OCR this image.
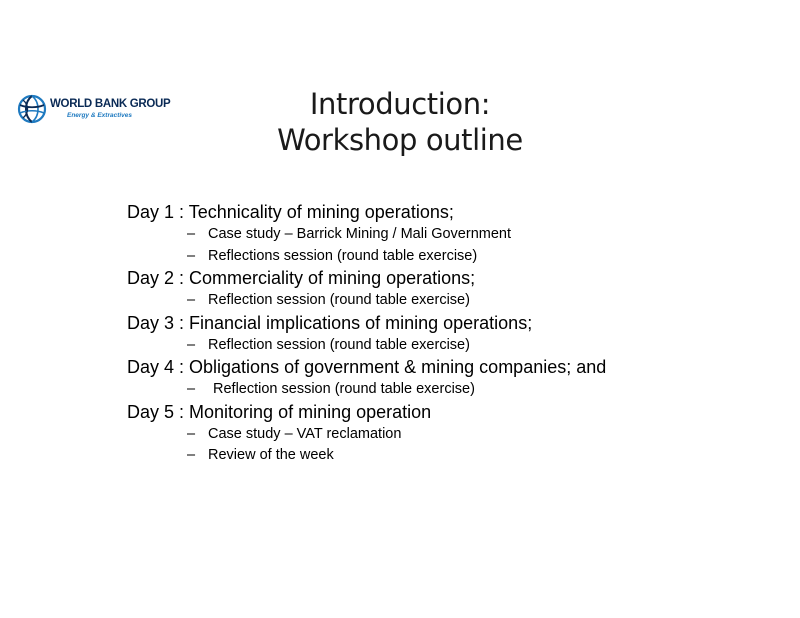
WORLD BANK GROUP
Energy & Extractives	Introduction:
Workshop outline
Day 1 : Technicality of mining operations;
– Case study – Barrick Mining / Mali Government
– Reflections session (round table exercise)
Day 2 : Commerciality of mining operations;
– Reflection session (round table exercise)
Day 3 : Financial implications of mining operations;
– Reflection session (round table exercise)
Day 4 : Obligations of government & mining companies; and
– Reflection session (round table exercise)
Day 5 : Monitoring of mining operation
– Case study – VAT reclamation
– Review of the week
